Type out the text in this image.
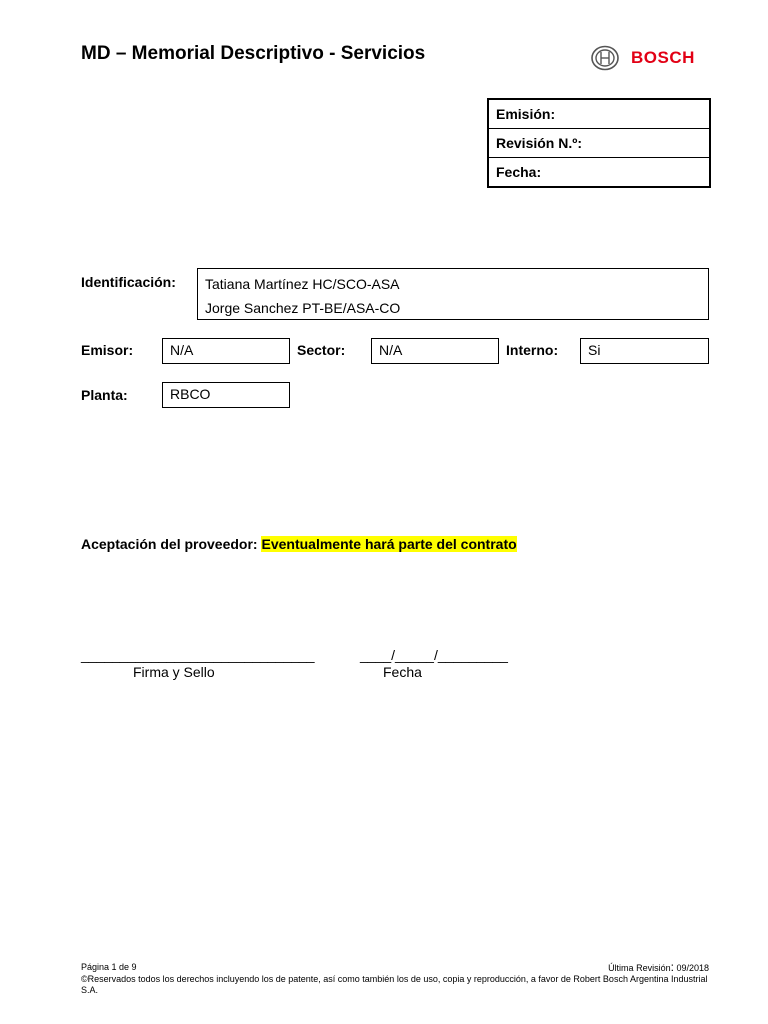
MD – Memorial Descriptivo - Servicios	BOSCH
Emisión:
Revisión N.º:
Fecha:
Identificación: Tatiana Martínez HC/SCO-ASA
Jorge Sanchez PT-BE/ASA-CO
Emisor:	N/A	Sector:	N/A	Interno:	Si
Planta:	RBCO
Aceptación del proveedor: Eventualmente hará parte del contrato
______________________________
Firma y Sello
____/_____/_________
Fecha
Página 1 de 9	Última Revisión: 09/2018
©Reservados todos los derechos incluyendo los de patente, así como también los de uso, copia y reproducción, a favor de Robert Bosch Argentina Industrial S.A.
